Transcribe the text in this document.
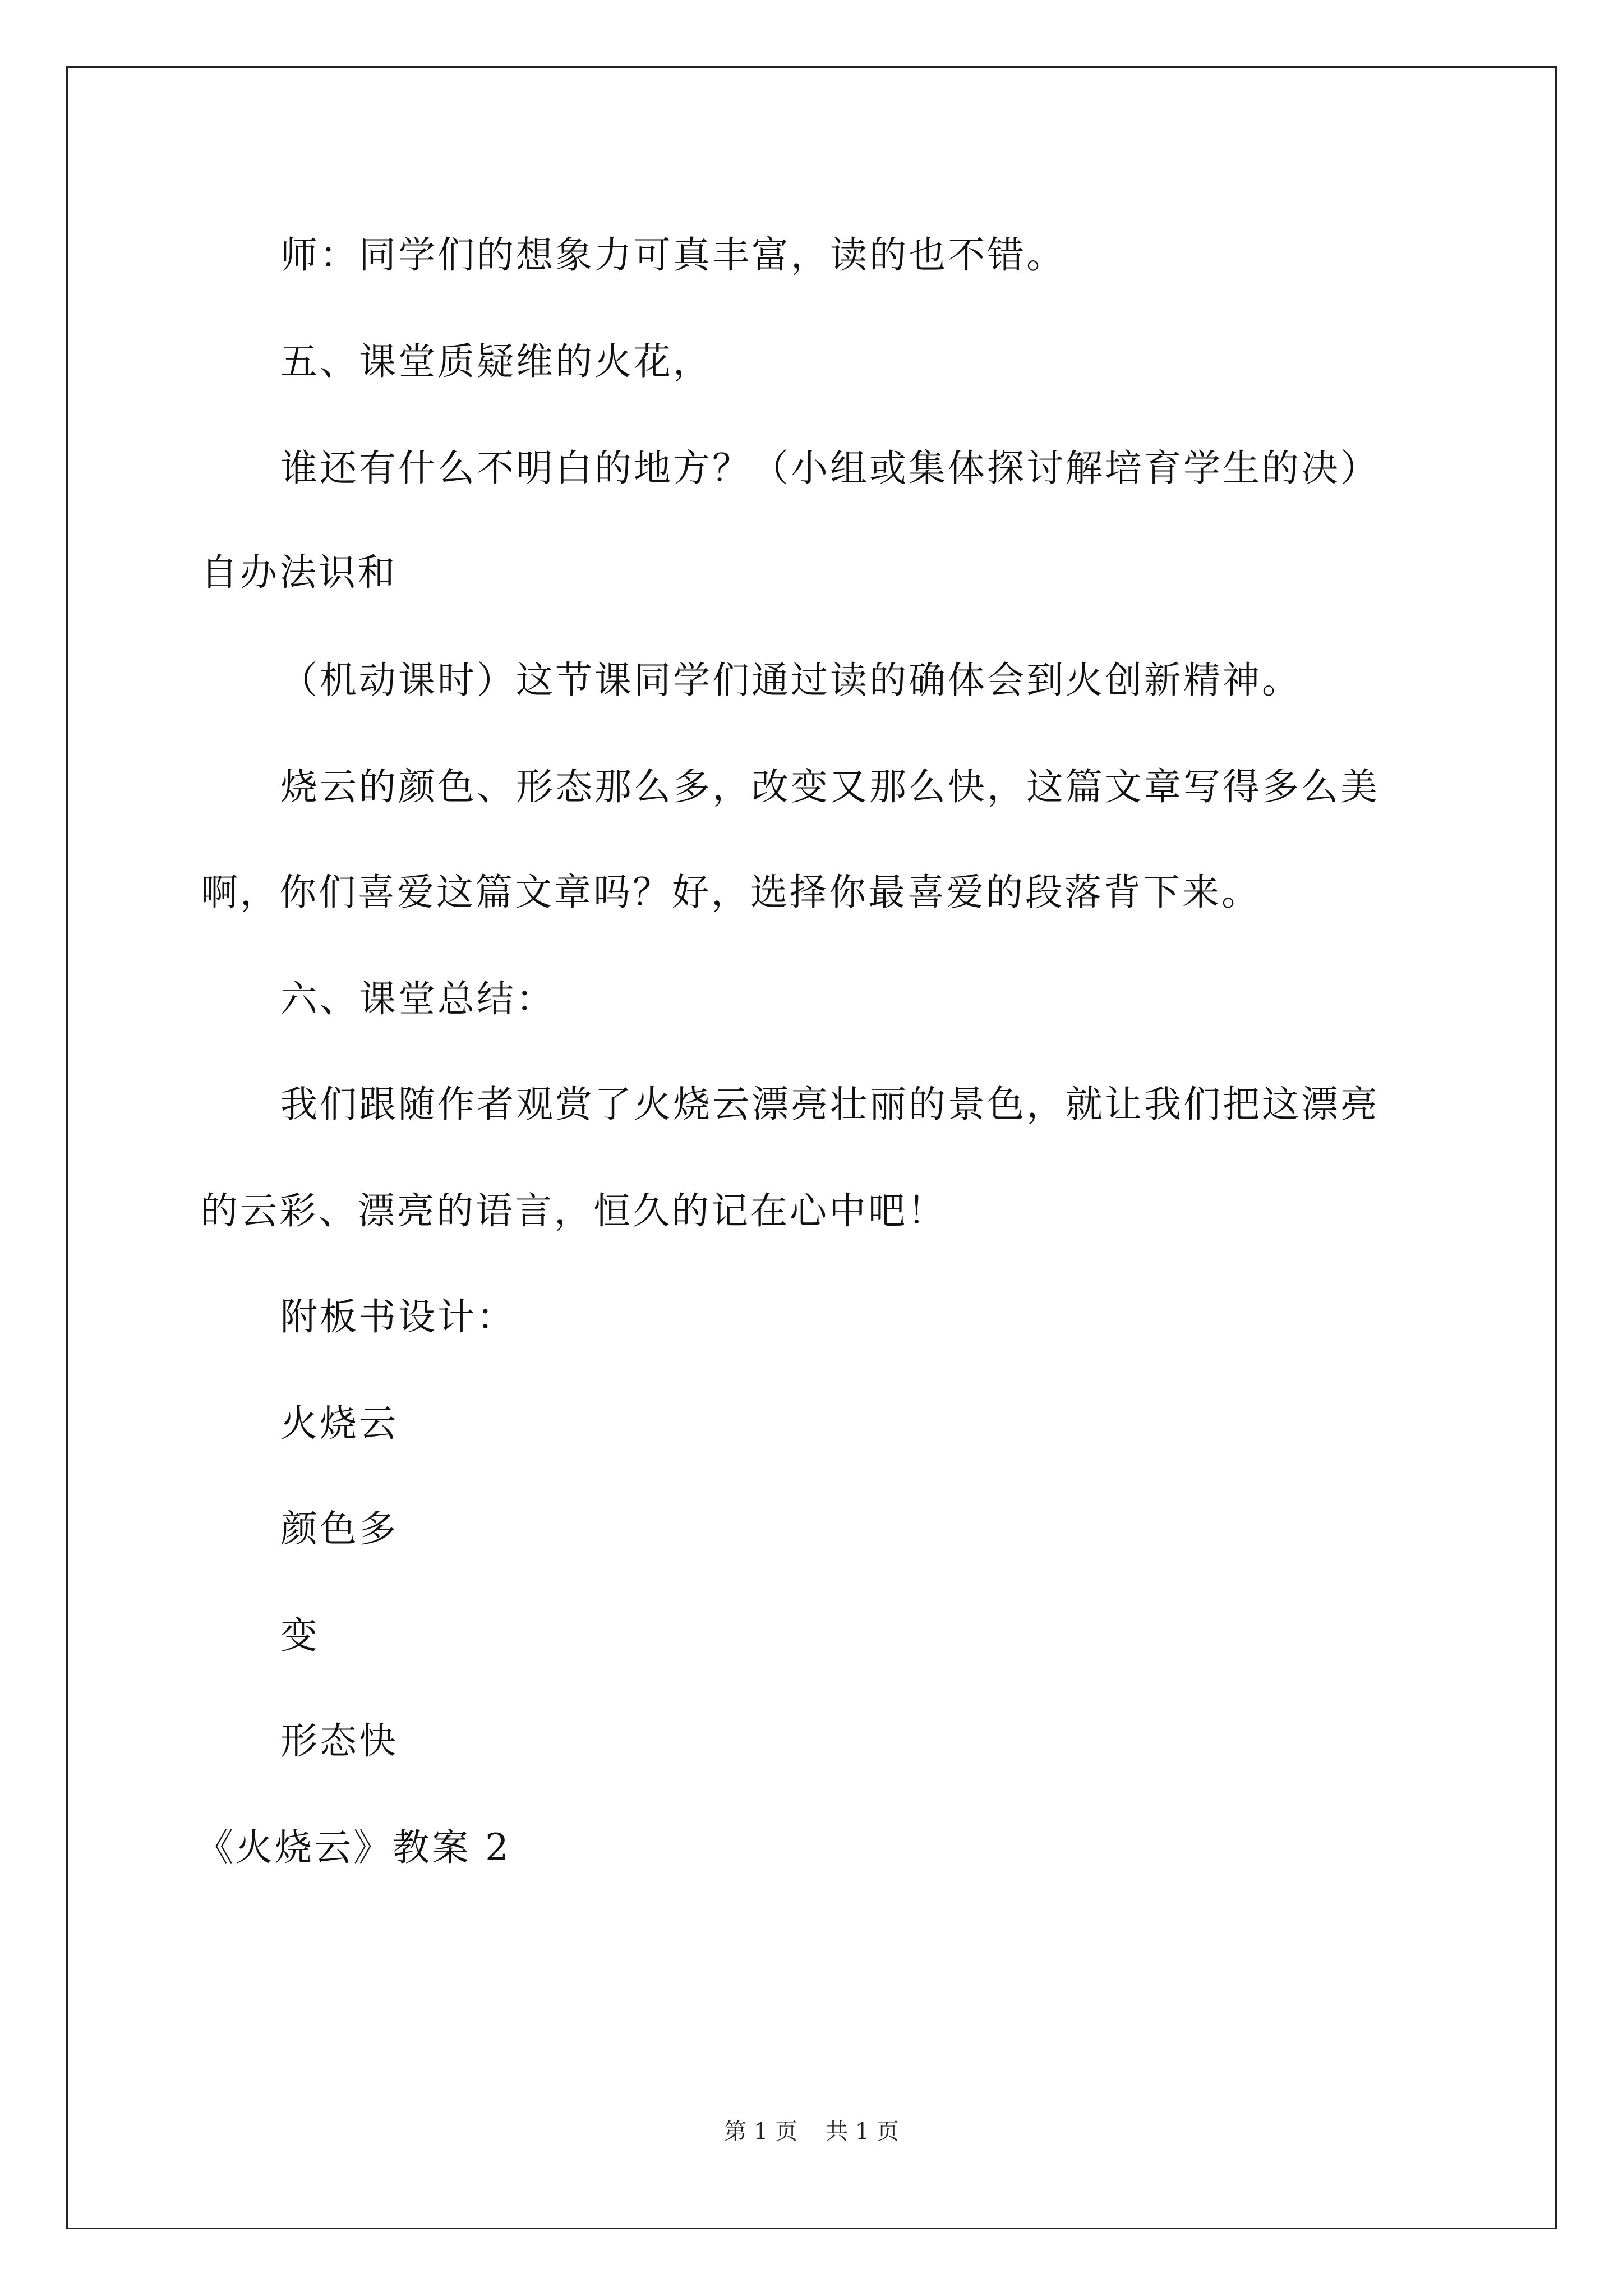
师：同学们的想象力可真丰富，读的也不错。
五、课堂质疑维的火花，
谁还有什么不明白的地方？（小组或集体探讨解培育学生的决）
自办法识和
（机动课时）这节课同学们通过读的确体会到火创新精神。
烧云的颜色、形态那么多，改变又那么快，这篇文章写得多么美
啊，你们喜爱这篇文章吗？好，选择你最喜爱的段落背下来。
六、课堂总结：
我们跟随作者观赏了火烧云漂亮壮丽的景色，就让我们把这漂亮
的云彩、漂亮的语言，恒久的记在心中吧！
附板书设计：
火烧云
颜色多
变
形态快
《火烧云》教案 2
第 1 页 共 1 页
